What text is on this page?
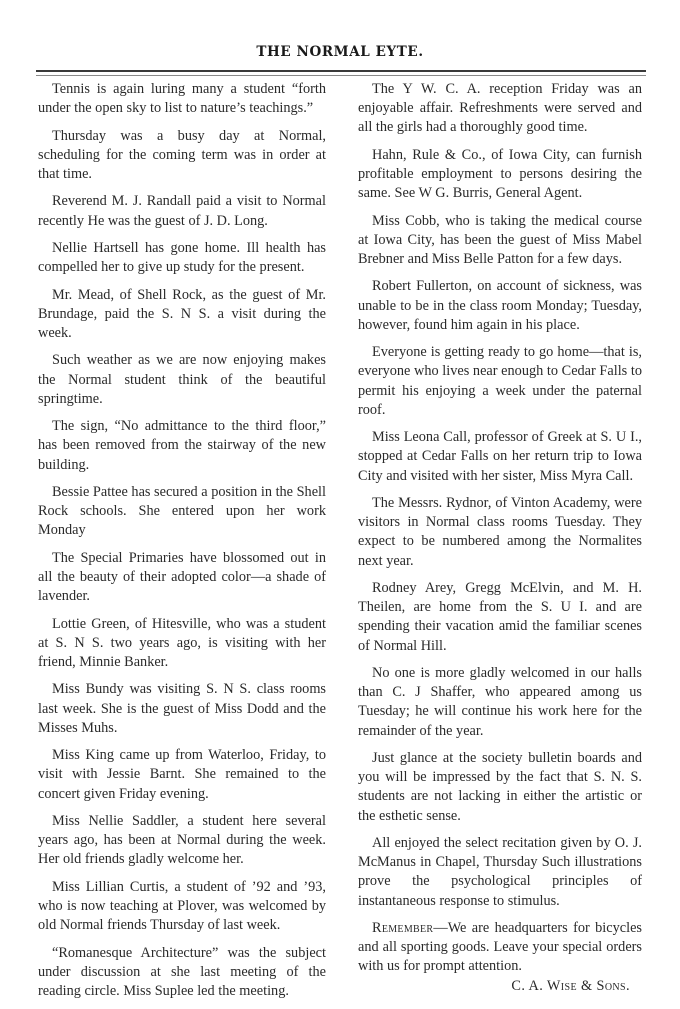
THE NORMAL EYTE.

Tennis is again luring many a student “forth under the open sky to list to nature’s teachings.”

Thursday was a busy day at Normal, scheduling for the coming term was in order at that time.

Reverend M. J. Randall paid a visit to Normal recently He was the guest of J. D. Long.

Nellie Hartsell has gone home. Ill health has compelled her to give up study for the present.

Mr. Mead, of Shell Rock, as the guest of Mr. Brundage, paid the S. N S. a visit during the week.

Such weather as we are now enjoying makes the Normal student think of the beautiful springtime.

The sign, “No admittance to the third floor,” has been removed from the stairway of the new building.

Bessie Pattee has secured a position in the Shell Rock schools. She entered upon her work Monday

The Special Primaries have blossomed out in all the beauty of their adopted color—a shade of lavender.

Lottie Green, of Hitesville, who was a student at S. N S. two years ago, is visiting with her friend, Minnie Banker.

Miss Bundy was visiting S. N S. class rooms last week. She is the guest of Miss Dodd and the Misses Muhs.

Miss King came up from Waterloo, Friday, to visit with Jessie Barnt. She remained to the concert given Friday evening.

Miss Nellie Saddler, a student here several years ago, has been at Normal during the week. Her old friends gladly welcome her.

Miss Lillian Curtis, a student of ’92 and ’93, who is now teaching at Plover, was welcomed by old Normal friends Thursday of last week.

“Romanesque Architecture” was the subject under discussion at she last meeting of the reading circle. Miss Suplee led the meeting.

The Y W. C. A. reception Friday was an enjoyable affair. Refreshments were served and all the girls had a thoroughly good time.

Hahn, Rule & Co., of Iowa City, can furnish profitable employment to persons desiring the same. See W G. Burris, General Agent.

Miss Cobb, who is taking the medical course at Iowa City, has been the guest of Miss Mabel Brebner and Miss Belle Patton for a few days.

Robert Fullerton, on account of sickness, was unable to be in the class room Monday; Tuesday, however, found him again in his place.

Everyone is getting ready to go home—that is, everyone who lives near enough to Cedar Falls to permit his enjoying a week under the paternal roof.

Miss Leona Call, professor of Greek at S. U I., stopped at Cedar Falls on her return trip to Iowa City and visited with her sister, Miss Myra Call.

The Messrs. Rydnor, of Vinton Academy, were visitors in Normal class rooms Tuesday. They expect to be numbered among the Normalites next year.

Rodney Arey, Gregg McElvin, and M. H. Theilen, are home from the S. U I. and are spending their vacation amid the familiar scenes of Normal Hill.

No one is more gladly welcomed in our halls than C. J Shaffer, who appeared among us Tuesday; he will continue his work here for the remainder of the year.

Just glance at the society bulletin boards and you will be impressed by the fact that S. N. S. students are not lacking in either the artistic or the esthetic sense.

All enjoyed the select recitation given by O. J. McManus in Chapel, Thursday Such illustrations prove the psychological principles of instantaneous response to stimulus.

Remember—We are headquarters for bicycles and all sporting goods. Leave your special orders with us for prompt attention.

C. A. Wise & Sons.
